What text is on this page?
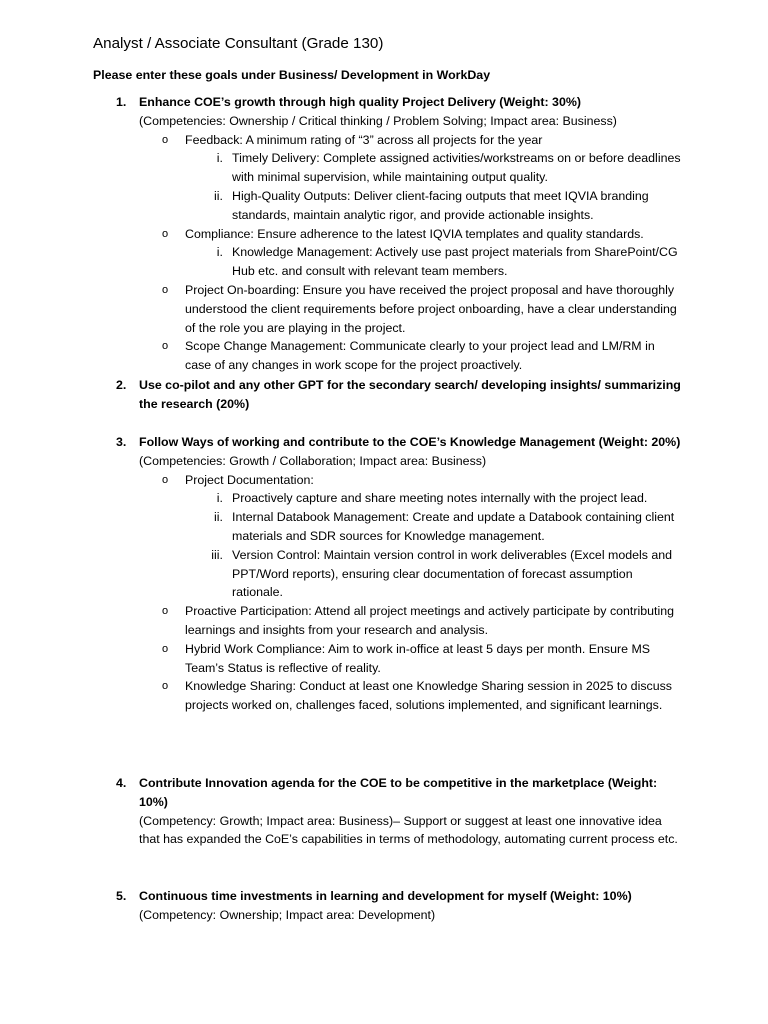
Analyst / Associate Consultant (Grade 130)
Please enter these goals under Business/ Development in WorkDay
1. Enhance COE’s growth through high quality Project Delivery (Weight: 30%)
(Competencies: Ownership / Critical thinking / Problem Solving; Impact area: Business)
o Feedback: A minimum rating of “3” across all projects for the year
i. Timely Delivery: Complete assigned activities/workstreams on or before deadlines with minimal supervision, while maintaining output quality.
ii. High-Quality Outputs: Deliver client-facing outputs that meet IQVIA branding standards, maintain analytic rigor, and provide actionable insights.
o Compliance: Ensure adherence to the latest IQVIA templates and quality standards.
i. Knowledge Management: Actively use past project materials from SharePoint/CG Hub etc. and consult with relevant team members.
o Project On-boarding: Ensure you have received the project proposal and have thoroughly understood the client requirements before project onboarding, have a clear understanding of the role you are playing in the project.
o Scope Change Management: Communicate clearly to your project lead and LM/RM in case of any changes in work scope for the project proactively.
2. Use co-pilot and any other GPT for the secondary search/ developing insights/ summarizing the research (20%)
3. Follow Ways of working and contribute to the COE’s Knowledge Management (Weight: 20%)
(Competencies: Growth / Collaboration; Impact area: Business)
o Project Documentation:
i. Proactively capture and share meeting notes internally with the project lead.
ii. Internal Databook Management: Create and update a Databook containing client materials and SDR sources for Knowledge management.
iii. Version Control: Maintain version control in work deliverables (Excel models and PPT/Word reports), ensuring clear documentation of forecast assumption rationale.
o Proactive Participation: Attend all project meetings and actively participate by contributing learnings and insights from your research and analysis.
o Hybrid Work Compliance: Aim to work in-office at least 5 days per month. Ensure MS Team’s Status is reflective of reality.
o Knowledge Sharing: Conduct at least one Knowledge Sharing session in 2025 to discuss projects worked on, challenges faced, solutions implemented, and significant learnings.
4. Contribute Innovation agenda for the COE to be competitive in the marketplace (Weight: 10%)
(Competency: Growth; Impact area: Business)– Support or suggest at least one innovative idea that has expanded the CoE’s capabilities in terms of methodology, automating current process etc.
5. Continuous time investments in learning and development for myself (Weight: 10%)
(Competency: Ownership; Impact area: Development)
